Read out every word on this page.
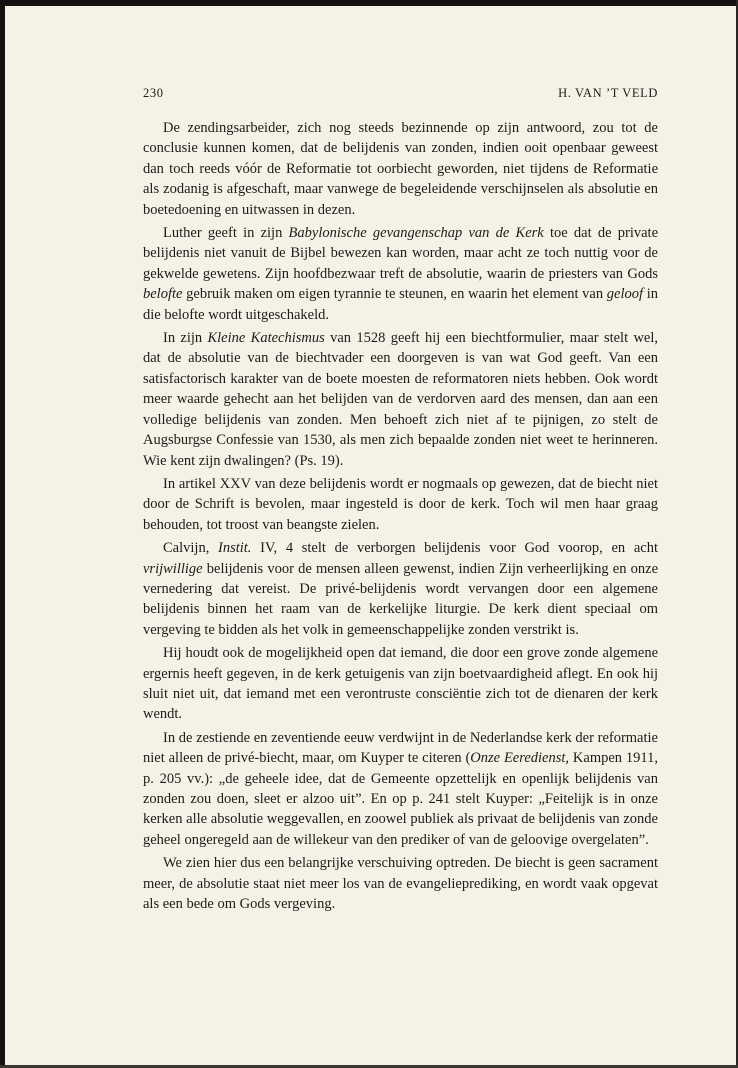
230	H. VAN ’T VELD

De zendingsarbeider, zich nog steeds bezinnende op zijn antwoord, zou tot de conclusie kunnen komen, dat de belijdenis van zonden, indien ooit openbaar geweest dan toch reeds vóór de Reformatie tot oorbiecht geworden, niet tijdens de Reformatie als zodanig is afgeschaft, maar vanwege de begeleidende verschijnselen als absolutie en boetedoening en uitwassen in dezen.

Luther geeft in zijn Babylonische gevangenschap van de Kerk toe dat de private belijdenis niet vanuit de Bijbel bewezen kan worden, maar acht ze toch nuttig voor de gekwelde gewetens. Zijn hoofdbezwaar treft de absolutie, waarin de priesters van Gods belofte gebruik maken om eigen tyrannie te steunen, en waarin het element van geloof in die belofte wordt uitgeschakeld.

In zijn Kleine Katechismus van 1528 geeft hij een biechtformulier, maar stelt wel, dat de absolutie van de biechtvader een doorgeven is van wat God geeft. Van een satisfactorisch karakter van de boete moesten de reformatoren niets hebben. Ook wordt meer waarde gehecht aan het belijden van de verdorven aard des mensen, dan aan een volledige belijdenis van zonden. Men behoeft zich niet af te pijnigen, zo stelt de Augsburgse Confessie van 1530, als men zich bepaalde zonden niet weet te herinneren. Wie kent zijn dwalingen? (Ps. 19).

In artikel XXV van deze belijdenis wordt er nogmaals op gewezen, dat de biecht niet door de Schrift is bevolen, maar ingesteld is door de kerk. Toch wil men haar graag behouden, tot troost van beangste zielen.

Calvijn, Instit. IV, 4 stelt de verborgen belijdenis voor God voorop, en acht vrijwillige belijdenis voor de mensen alleen gewenst, indien Zijn verheerlijking en onze vernedering dat vereist. De privé-belijdenis wordt vervangen door een algemene belijdenis binnen het raam van de kerkelijke liturgie. De kerk dient speciaal om vergeving te bidden als het volk in gemeenschappelijke zonden verstrikt is.

Hij houdt ook de mogelijkheid open dat iemand, die door een grove zonde algemene ergernis heeft gegeven, in de kerk getuigenis van zijn boetvaardigheid aflegt. En ook hij sluit niet uit, dat iemand met een verontruste consciëntie zich tot de dienaren der kerk wendt.

In de zestiende en zeventiende eeuw verdwijnt in de Nederlandse kerk der reformatie niet alleen de privé-biecht, maar, om Kuyper te citeren (Onze Eeredienst, Kampen 1911, p. 205 vv.): „de geheele idee, dat de Gemeente opzettelijk en openlijk belijdenis van zonden zou doen, sleet er alzoo uit”. En op p. 241 stelt Kuyper: „Feitelijk is in onze kerken alle absolutie weggevallen, en zoowel publiek als privaat de belijdenis van zonde geheel ongeregeld aan de willekeur van den prediker of van de geloovige overgelaten”.

We zien hier dus een belangrijke verschuiving optreden. De biecht is geen sacrament meer, de absolutie staat niet meer los van de evangelieprediking, en wordt vaak opgevat als een bede om Gods vergeving.
